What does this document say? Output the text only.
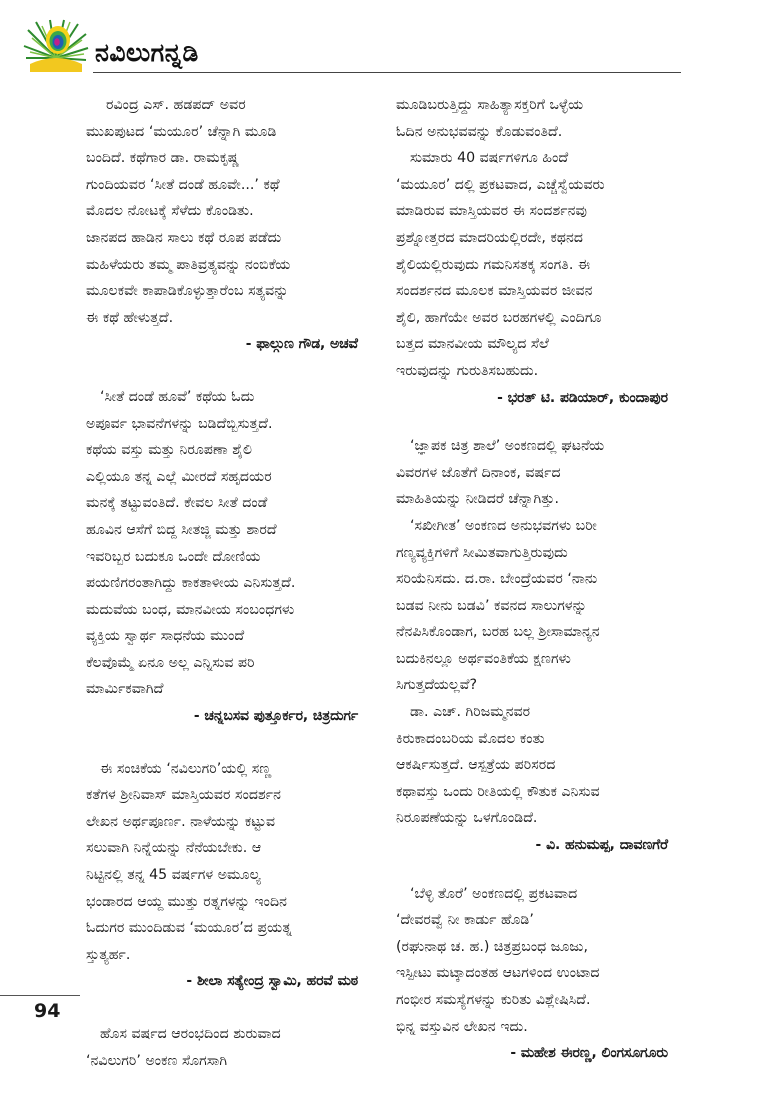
ನವಿಲುಗನ್ನಡಿ

ರವಿಂದ್ರ ಎಸ್. ಹಡಪದ್ ಅವರ

ಮುಖಪುಟದ ‘ಮಯೂರ’ ಚೆನ್ನಾಗಿ ಮೂಡಿ

ಬಂದಿದೆ. ಕಥೆಗಾರ ಡಾ. ರಾಮಕೃಷ್ಣ

ಗುಂದಿಯವರ ‘ಸೀತೆ ದಂಡೆ ಹೂವೇ...’ ಕಥೆ

ಮೊದಲ ನೋಟಕ್ಕೆ ಸೆಳೆದು ಕೊಂಡಿತು.

ಜಾನಪದ ಹಾಡಿನ ಸಾಲು ಕಥೆ ರೂಪ ಪಡೆದು

ಮಹಿಳೆಯರು ತಮ್ಮ ಪಾತಿವ್ರತ್ಯವನ್ನು ನಂಬಿಕೆಯ

ಮೂಲಕವೇ ಕಾಪಾಡಿಕೊಳ್ಳುತ್ತಾರೆಂಬ ಸತ್ಯವನ್ನು

ಈ ಕಥೆ ಹೇಳುತ್ತದೆ.

- ಫಾಲ್ಗುಣ ಗೌಡ, ಅಚವೆ

‘ಸೀತೆ ದಂಡೆ ಹೂವೆ’ ಕಥೆಯ ಓದು

ಅಪೂರ್ವ ಭಾವನೆಗಳನ್ನು ಬಡಿದೆಬ್ಬಿಸುತ್ತದೆ.

ಕಥೆಯ ವಸ್ತು ಮತ್ತು ನಿರೂಪಣಾ ಶೈಲಿ

ಎಲ್ಲಿಯೂ ತನ್ನ ಎಲ್ಲೆ ಮೀರದೆ ಸಹೃದಯರ

ಮನಕ್ಕೆ ತಟ್ಟುವಂತಿದೆ. ಕೇವಲ ಸೀತೆ ದಂಡೆ

ಹೂವಿನ ಆಸೆಗೆ ಬಿದ್ದ ಸೀತಜ್ಜಿ ಮತ್ತು ಶಾರದೆ

ಇವರಿಬ್ಬರ ಬದುಕೂ ಒಂದೇ ದೋಣಿಯ

ಪಯಣಿಗರಂತಾಗಿದ್ದು ಕಾಕತಾಳೀಯ ಎನಿಸುತ್ತದೆ.

ಮದುವೆಯ ಬಂಧ, ಮಾನವೀಯ ಸಂಬಂಧಗಳು

ವ್ಯಕ್ತಿಯ ಸ್ವಾರ್ಥ ಸಾಧನೆಯ ಮುಂದೆ

ಕೆಲವೊಮ್ಮೆ ಏನೂ ಅಲ್ಲ ಎನ್ನಿಸುವ ಪರಿ

ಮಾರ್ಮಿಕವಾಗಿದೆ

- ಚನ್ನಬಸವ ಪುತ್ತೂರ್ಕರ, ಚಿತ್ರದುರ್ಗ

ಈ ಸಂಚಿಕೆಯ ‘ನವಿಲುಗರಿ’ಯಲ್ಲಿ ಸಣ್ಣ

ಕತೆಗಳ ಶ್ರೀನಿವಾಸ್ ಮಾಸ್ತಿಯವರ ಸಂದರ್ಶನ

ಲೇಖನ ಅರ್ಥಪೂರ್ಣ. ನಾಳೆಯನ್ನು ಕಟ್ಟುವ

ಸಲುವಾಗಿ ನಿನ್ನೆಯನ್ನು ನೆನೆಯಬೇಕು. ಆ

ನಿಟ್ಟಿನಲ್ಲಿ ತನ್ನ 45 ವರ್ಷಗಳ ಅಮೂಲ್ಯ

ಭಂಡಾರದ ಆಯ್ದ ಮುತ್ತು ರತ್ನಗಳನ್ನು ಇಂದಿನ

ಓದುಗರ ಮುಂದಿಡುವ ‘ಮಯೂರ’ದ ಪ್ರಯತ್ನ

ಸ್ತುತ್ಯರ್ಹ.

- ಶೀಲಾ ಸತ್ಯೇಂದ್ರ ಸ್ವಾಮಿ, ಹರವೆ ಮಠ

ಹೊಸ ವರ್ಷದ ಆರಂಭದಿಂದ ಶುರುವಾದ

‘ನವಿಲುಗರಿ’ ಅಂಕಣ ಸೊಗಸಾಗಿ

ಮೂಡಿಬರುತ್ತಿದ್ದು ಸಾಹಿತ್ಯಾಸಕ್ತರಿಗೆ ಒಳ್ಳೆಯ

ಓದಿನ ಅನುಭವವನ್ನು ಕೊಡುವಂತಿದೆ.

ಸುಮಾರು 40 ವರ್ಷಗಳಿಗೂ ಹಿಂದೆ

‘ಮಯೂರ’ ದಲ್ಲಿ ಪ್ರಕಟವಾದ, ಎಚ್ಚೆಸ್ವೆಯವರು

ಮಾಡಿರುವ ಮಾಸ್ತಿಯವರ ಈ ಸಂದರ್ಶನವು

ಪ್ರಶ್ನೋತ್ತರದ ಮಾದರಿಯಲ್ಲಿರದೇ, ಕಥನದ

ಶೈಲಿಯಲ್ಲಿರುವುದು ಗಮನಿಸತಕ್ಕ ಸಂಗತಿ. ಈ

ಸಂದರ್ಶನದ ಮೂಲಕ ಮಾಸ್ತಿಯವರ ಜೀವನ

ಶೈಲಿ, ಹಾಗೆಯೇ ಅವರ ಬರಹಗಳಲ್ಲಿ ಎಂದಿಗೂ

ಬತ್ತದ ಮಾನವೀಯ ಮೌಲ್ಯದ ಸೆಲೆ

ಇರುವುದನ್ನು ಗುರುತಿಸಬಹುದು.

- ಭರತ್ ಟಿ. ಪಡಿಯಾರ್, ಕುಂದಾಪುರ

‘ಜ್ಞಾಪಕ ಚಿತ್ರ ಶಾಲೆ’ ಅಂಕಣದಲ್ಲಿ ಘಟನೆಯ

ವಿವರಗಳ ಜೊತೆಗೆ ದಿನಾಂಕ, ವರ್ಷದ

ಮಾಹಿತಿಯನ್ನು ನೀಡಿದರೆ ಚೆನ್ನಾಗಿತ್ತು.

‘ಸಖೀಗೀತ’ ಅಂಕಣದ ಅನುಭವಗಳು ಬರೀ

ಗಣ್ಯವ್ಯಕ್ತಿಗಳಿಗೆ ಸೀಮಿತವಾಗುತ್ತಿರುವುದು

ಸರಿಯೆನಿಸದು. ದ.ರಾ. ಬೇಂದ್ರೆಯವರ ‘ನಾನು

ಬಡವ ನೀನು ಬಡವಿ’ ಕವನದ ಸಾಲುಗಳನ್ನು

ನೆನಪಿಸಿಕೊಂಡಾಗ, ಬರಹ ಬಲ್ಲ ಶ್ರೀಸಾಮಾನ್ಯನ

ಬದುಕಿನಲ್ಲೂ ಅರ್ಥವಂತಿಕೆಯ ಕ್ಷಣಗಳು

ಸಿಗುತ್ತದೆಯಲ್ಲವೆ?

ಡಾ. ಎಚ್. ಗಿರಿಜಮ್ಮನವರ

ಕಿರುಕಾದಂಬರಿಯ ಮೊದಲ ಕಂತು

ಆಕರ್ಷಿಸುತ್ತದೆ. ಆಸ್ಪತ್ರೆಯ ಪರಿಸರದ

ಕಥಾವಸ್ತು ಒಂದು ರೀತಿಯಲ್ಲಿ ಕೌತುಕ ಎನಿಸುವ

ನಿರೂಪಣೆಯನ್ನು ಒಳಗೊಂಡಿದೆ.

- ವಿ. ಹನುಮಪ್ಪ, ದಾವಣಗೆರೆ

‘ಬೆಳ್ಳಿ ತೊರೆ’ ಅಂಕಣದಲ್ಲಿ ಪ್ರಕಟವಾದ

‘ದೇವರವ್ವೆ ನೀ ಕಾರ್ಡು ಹೊಡಿ’

(ರಘುನಾಥ ಚ. ಹ.) ಚಿತ್ರಪ್ರಬಂಧ ಜೂಜು,

ಇಸ್ಪೀಟು ಮಟ್ಕಾದಂತಹ ಆಟಗಳಿಂದ ಉಂಟಾದ

ಗಂಭೀರ ಸಮಸ್ಯೆಗಳನ್ನು ಕುರಿತು ವಿಶ್ಲೇಷಿಸಿದೆ.

ಭಿನ್ನ ವಸ್ತುವಿನ ಲೇಖನ ಇದು.

- ಮಹೇಶ ಈರಣ್ಣ, ಲಿಂಗಸೂಗೂರು

94
